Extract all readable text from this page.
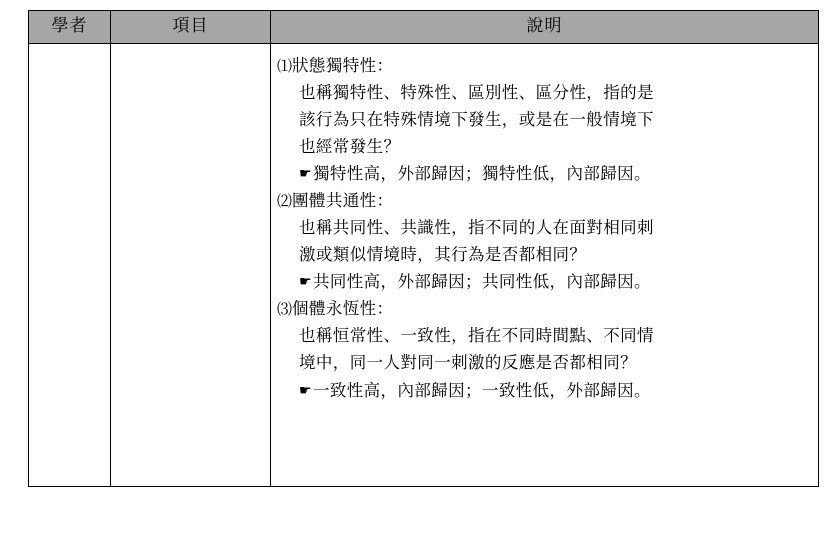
學者	項目	說明

⑴狀態獨特性：
也稱獨特性、特殊性、區別性、區分性，指的是
該行為只在特殊情境下發生，或是在一般情境下
也經常發生？
☛獨特性高，外部歸因；獨特性低，內部歸因。
⑵團體共通性：
也稱共同性、共識性，指不同的人在面對相同刺
激或類似情境時，其行為是否都相同？
☛共同性高，外部歸因；共同性低，內部歸因。
⑶個體永恆性：
也稱恒常性、一致性，指在不同時間點、不同情
境中，同一人對同一刺激的反應是否都相同？
☛一致性高，內部歸因；一致性低，外部歸因。
